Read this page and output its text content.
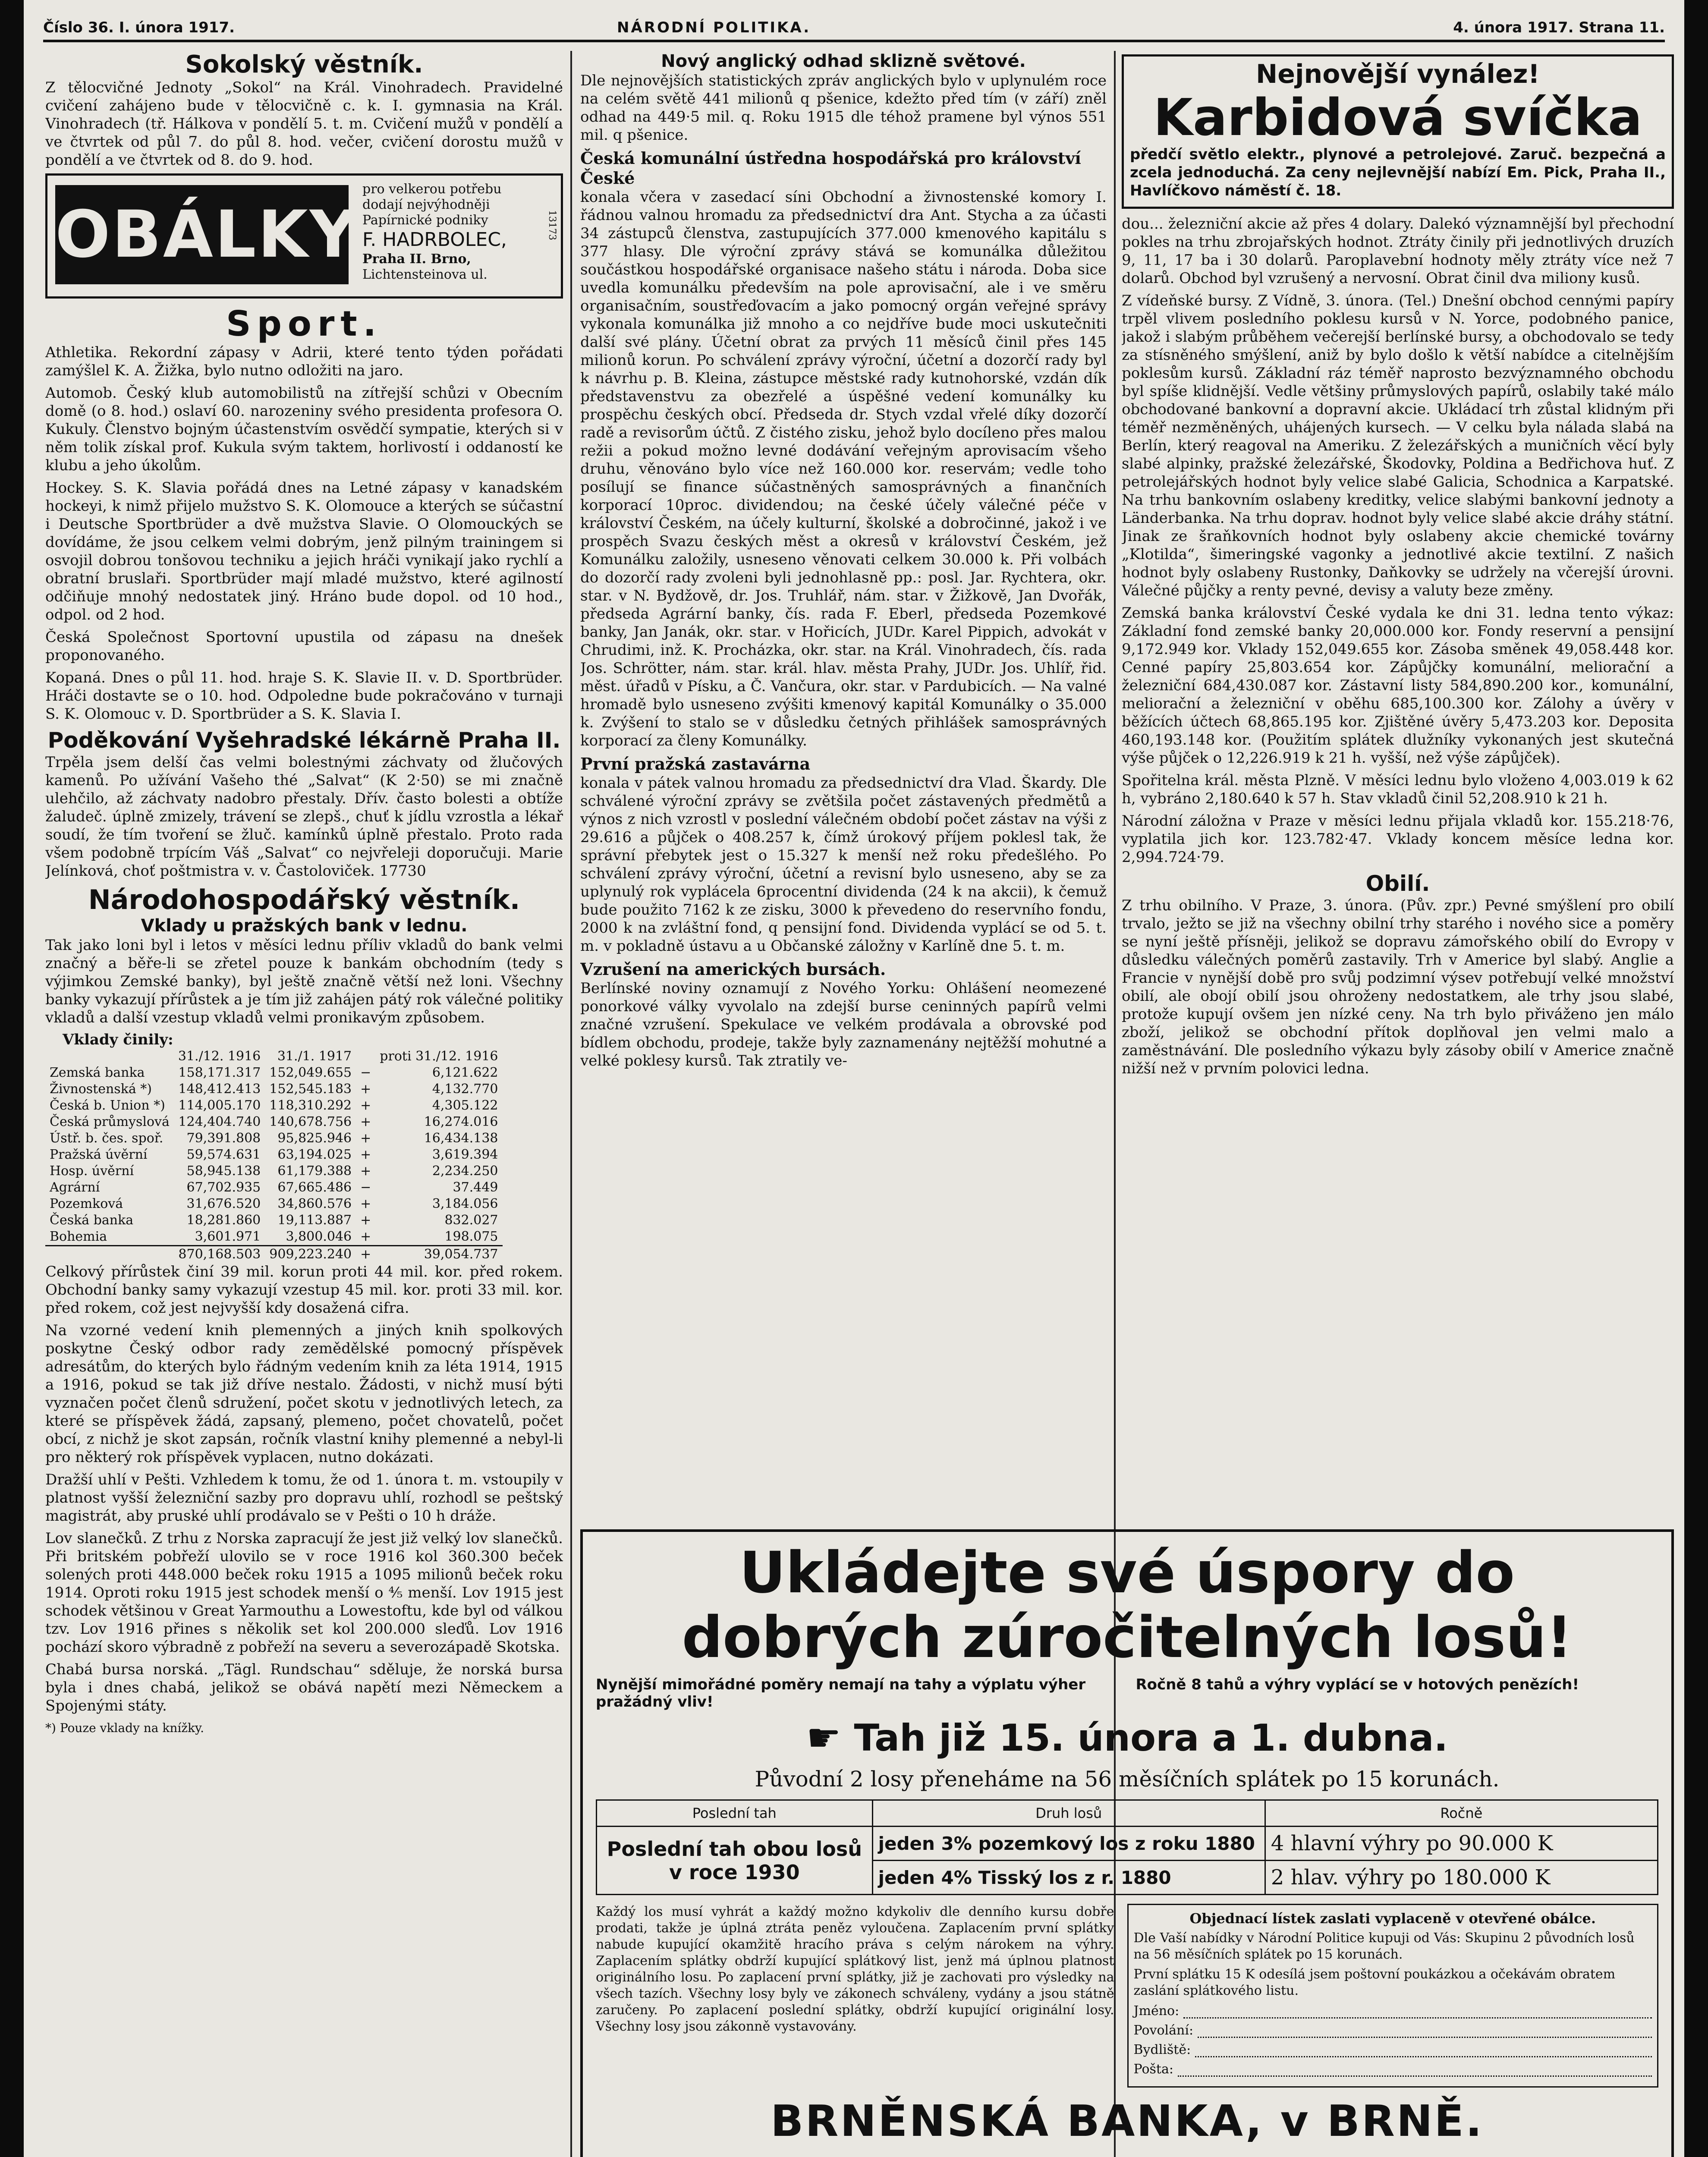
Číslo 36. I. února 1917.	NÁRODNÍ POLITIKA.	4. února 1917. Strana 11.
Sokolský věstník.

Z tělocvičné Jednoty „Sokol“ na Král. Vinohradech. Pravidelné cvičení zahájeno bude v tělocvičně c. k. I. gymnasia na Král. Vinohradech (tř. Hálkova v pondělí 5. t. m. Cvičení mužů v pondělí a ve čtvrtek od půl 7. do půl 8. hod. večer, cvičení dorostu mužů v pondělí a ve čtvrtek od 8. do 9. hod.

OBÁLKY
pro velkerou potřebu
dodají nejvýhodněji
Papírnické podniky
F. HADRBOLEC,
Praha II. Brno,
Lichtensteinova ul.
13173
Sport.

Athletika. Rekordní zápasy v Adrii, které tento týden pořádati zamýšlel K. A. Žižka, bylo nutno odložiti na jaro.

Automob. Český klub automobilistů na zítřejší schůzi v Obecním domě (o 8. hod.) oslaví 60. narozeniny svého presidenta profesora O. Kukuly. Členstvo bojným účastenstvím osvědčí sympatie, kterých si v něm tolik získal prof. Kukula svým taktem, horlivostí i oddaností ke klubu a jeho úkolům.

Hockey. S. K. Slavia pořádá dnes na Letné zápasy v kanadském hockeyi, k nimž přijelo mužstvo S. K. Olomouce a kterých se súčastní i Deutsche Sportbrüder a dvě mužstva Slavie. O Olomouckých se dovídáme, že jsou celkem velmi dobrým, jenž pilným trainingem si osvojil dobrou tonšovou techniku a jejich hráči vynikají jako rychlí a obratní bruslaři. Sportbrüder mají mladé mužstvo, které agilností odčiňuje mnohý nedostatek jiný. Hráno bude dopol. od 10 hod., odpol. od 2 hod.

Česká Společnost Sportovní upustila od zápasu na dnešek proponovaného.

Kopaná. Dnes o půl 11. hod. hraje S. K. Slavie II. v. D. Sportbrüder. Hráči dostavte se o 10. hod. Odpoledne bude pokračováno v turnaji S. K. Olomouc v. D. Sportbrüder a S. K. Slavia I.

Poděkování Vyšehradské lékárně Praha II.

Trpěla jsem delší čas velmi bolestnými záchvaty od žlučových kamenů. Po užívání Vašeho thé „Salvat“ (K 2·50) se mi značně ulehčilo, až záchvaty nadobro přestaly. Dřív. často bolesti a obtíže žaludeč. úplně zmizely, trávení se zlepš., chuť k jídlu vzrostla a lékař soudí, že tím tvoření se žluč. kamínků úplně přestalo. Proto rada všem podobně trpícím Váš „Salvat“ co nejvřeleji doporučuji. Marie Jelínková, choť poštmistra v. v. Častoloviček. 17730

Národohospodářský věstník.
Vklady u pražských bank v lednu.

Tak jako loni byl i letos v měsíci lednu příliv vkladů do bank velmi značný a běře-li se zřetel pouze k bankám obchodním (tedy s výjimkou Zemské banky), byl ještě značně větší než loni. Všechny banky vykazují přírůstek a je tím již zahájen pátý rok válečné politiky vkladů a další vzestup vkladů velmi pronikavým způsobem.

Vklady činily:
	31./12. 1916	31./1. 1917		proti 31./12. 1916
Zemská banka	158,171.317	152,049.655	−	6,121.622
Živnostenská *)	148,412.413	152,545.183	+	4,132.770
Česká b. Union *)	114,005.170	118,310.292	+	4,305.122
Česká průmyslová	124,404.740	140,678.756	+	16,274.016
Ústř. b. čes. spoř.	79,391.808	95,825.946	+	16,434.138
Pražská úvěrní	59,574.631	63,194.025	+	3,619.394
Hosp. úvěrní	58,945.138	61,179.388	+	2,234.250
Agrární	67,702.935	67,665.486	−	37.449
Pozemková	31,676.520	34,860.576	+	3,184.056
Česká banka	18,281.860	19,113.887	+	832.027
Bohemia	3,601.971	3,800.046	+	198.075
	870,168.503	909,223.240	+	39,054.737

Celkový přírůstek činí 39 mil. korun proti 44 mil. kor. před rokem. Obchodní banky samy vykazují vzestup 45 mil. kor. proti 33 mil. kor. před rokem, což jest nejvyšší kdy dosažená cifra.

Na vzorné vedení knih plemenných a jiných knih spolkových poskytne Český odbor rady zemědělské pomocný příspěvek adresátům, do kterých bylo řádným vedením knih za léta 1914, 1915 a 1916, pokud se tak již dříve nestalo. Žádosti, v nichž musí býti vyznačen počet členů sdružení, počet skotu v jednotlivých letech, za které se příspěvek žádá, zapsaný, plemeno, počet chovatelů, počet obcí, z nichž je skot zapsán, ročník vlastní knihy plemenné a nebyl-li pro některý rok příspěvek vyplacen, nutno dokázati.

Dražší uhlí v Pešti. Vzhledem k tomu, že od 1. února t. m. vstoupily v platnost vyšší železniční sazby pro dopravu uhlí, rozhodl se peštský magistrát, aby pruské uhlí prodávalo se v Pešti o 10 h dráže.

Lov slanečků. Z trhu z Norska zapracují že jest již velký lov slanečků. Při britském pobřeží ulovilo se v roce 1916 kol 360.300 beček solených proti 448.000 beček roku 1915 a 1095 milionů beček roku 1914. Oproti roku 1915 jest schodek menší o ⁴⁄₅ menší. Lov 1915 jest schodek většinou v Great Yarmouthu a Lowestoftu, kde byl od válkou tzv. Lov 1916 přines s několik set kol 200.000 sleďů. Lov 1916 pochází skoro výbradně z pobřeží na severu a severozápadě Skotska.

Chabá bursa norská. „Tägl. Rundschau“ sděluje, že norská bursa byla i dnes chabá, jelikož se obává napětí mezi Německem a Spojenými státy.

*) Pouze vklady na knížky.

Nový anglický odhad sklizně světové.

Dle nejnovějších statistických zpráv anglických bylo v uplynulém roce na celém světě 441 milionů q pšenice, kdežto před tím (v září) zněl odhad na 449·5 mil. q. Roku 1915 dle téhož pramene byl výnos 551 mil. q pšenice.

Česká komunální ústředna hospodářská pro království České

konala včera v zasedací síni Obchodní a živnostenské komory I. řádnou valnou hromadu za předsednictví dra Ant. Stycha a za účasti 34 zástupců členstva, zastupujících 377.000 kmenového kapitálu s 377 hlasy. Dle výroční zprávy stává se komunálka důležitou součástkou hospodářské organisace našeho státu i národa. Doba sice uvedla komunálku především na pole aprovisační, ale i ve směru organisačním, soustřeďovacím a jako pomocný orgán veřejné správy vykonala komunálka již mnoho a co nejdříve bude moci uskutečniti další své plány. Účetní obrat za prvých 11 měsíců činil přes 145 milionů korun. Po schválení zprávy výroční, účetní a dozorčí rady byl k návrhu p. B. Kleina, zástupce městské rady kutnohorské, vzdán dík představenstvu za obezřelé a úspěšné vedení komunálky ku prospěchu českých obcí. Předseda dr. Stych vzdal vřelé díky dozorčí radě a revisorům účtů. Z čistého zisku, jehož bylo docíleno přes malou režii a pokud možno levné dodávání veřejným aprovisacím všeho druhu, věnováno bylo více než 160.000 kor. reservám; vedle toho posílují se finance súčastněných samosprávných a finančních korporací 10proc. dividendou; na české účely válečné péče v království Českém, na účely kulturní, školské a dobročinné, jakož i ve prospěch Svazu českých měst a okresů v království Českém, jež Komunálku založily, usneseno věnovati celkem 30.000 k. Při volbách do dozorčí rady zvoleni byli jednohlasně pp.: posl. Jar. Rychtera, okr. star. v N. Bydžově, dr. Jos. Truhlář, nám. star. v Žižkově, Jan Dvořák, předseda Agrární banky, čís. rada F. Eberl, předseda Pozemkové banky, Jan Janák, okr. star. v Hořicích, JUDr. Karel Pippich, advokát v Chrudimi, inž. K. Procházka, okr. star. na Král. Vinohradech, čís. rada Jos. Schrötter, nám. star. král. hlav. města Prahy, JUDr. Jos. Uhlíř, řid. měst. úřadů v Písku, a Č. Vančura, okr. star. v Pardubicích. — Na valné hromadě bylo usneseno zvýšiti kmenový kapitál Komunálky o 35.000 k. Zvýšení to stalo se v důsledku četných přihlášek samosprávných korporací za členy Komunálky.

První pražská zastavárna

konala v pátek valnou hromadu za předsednictví dra Vlad. Škardy. Dle schválené výroční zprávy se zvětšila počet zástavených předmětů a výnos z nich vzrostl v poslední válečném období počet zástav na výši z 29.616 a půjček o 408.257 k, čímž úrokový příjem poklesl tak, že správní přebytek jest o 15.327 k menší než roku předešlého. Po schválení zprávy výroční, účetní a revisní bylo usneseno, aby se za uplynulý rok vyplácela 6procentní dividenda (24 k na akcii), k čemuž bude použito 7162 k ze zisku, 3000 k převedeno do reservního fondu, 2000 k na zvláštní fond, q pensijní fond. Dividenda vyplácí se od 5. t. m. v pokladně ústavu a u Občanské záložny v Karlíně dne 5. t. m.

Vzrušení na amerických bursách.

Berlínské noviny oznamují z Nového Yorku: Ohlášení neomezené ponorkové války vyvolalo na zdejší burse ceninných papírů velmi značné vzrušení. Spekulace ve velkém prodávala a obrovské pod bídlem obchodu, prodeje, takže byly zaznamenány nejtěžší mohutné a velké poklesy kursů. Tak ztratily ve-

Nejnovější vynález!
Karbidová svíčka

předčí světlo elektr., plynové a petrolejové. Zaruč. bezpečná a zcela jednoduchá. Za ceny nejlevnější nabízí Em. Pick, Praha II., Havlíčkovo náměstí č. 18.

dou... železniční akcie až přes 4 dolary. Dalekó významnější byl přechodní pokles na trhu zbrojařských hodnot. Ztráty činily při jednotlivých druzích 9, 11, 17 ba i 30 dolarů. Paroplavební hodnoty měly ztráty více než 7 dolarů. Obchod byl vzrušený a nervosní. Obrat činil dva miliony kusů.

Z vídeňské bursy. Z Vídně, 3. února. (Tel.) Dnešní obchod cennými papíry trpěl vlivem posledního poklesu kursů v N. Yorce, podobného panice, jakož i slabým průběhem večerejší berlínské bursy, a obchodovalo se tedy za stísněného smýšlení, aniž by bylo došlo k větší nabídce a citelnějším poklesům kursů. Základní ráz téměř naprosto bezvýznamného obchodu byl spíše klidnější. Vedle většiny průmyslových papírů, oslabily také málo obchodované bankovní a dopravní akcie. Ukládací trh zůstal klidným při téměř nezměněných, uhájených kursech. — V celku byla nálada slabá na Berlín, který reagoval na Ameriku. Z železářských a muničních věcí byly slabé alpinky, pražské železářské, Škodovky, Poldina a Bedřichova huť. Z petrolejářských hodnot byly velice slabé Galicia, Schodnica a Karpatské. Na trhu bankovním oslabeny kreditky, velice slabými bankovní jednoty a Länderbanka. Na trhu doprav. hodnot byly velice slabé akcie dráhy státní. Jinak ze šraňkovních hodnot byly oslabeny akcie chemické továrny „Klotilda“, šimeringské vagonky a jednotlivé akcie textilní. Z našich hodnot byly oslabeny Rustonky, Daňkovky se udržely na včerejší úrovni. Válečné půjčky a renty pevné, devisy a valuty beze změny.

Zemská banka království České vydala ke dni 31. ledna tento výkaz: Základní fond zemské banky 20,000.000 kor. Fondy reservní a pensijní 9,172.949 kor. Vklady 152,049.655 kor. Zásoba směnek 49,058.448 kor. Cenné papíry 25,803.654 kor. Zápůjčky komunální, meliorační a železniční 684,430.087 kor. Zástavní listy 584,890.200 kor., komunální, meliorační a železniční v oběhu 685,100.300 kor. Zálohy a úvěry v běžících účtech 68,865.195 kor. Zjištěné úvěry 5,473.203 kor. Deposita 460,193.148 kor. (Použitím splátek dlužníky vykonaných jest skutečná výše půjček o 12,226.919 k 21 h. vyšší, než výše zápůjček).

Spořitelna král. města Plzně. V měsíci lednu bylo vloženo 4,003.019 k 62 h, vybráno 2,180.640 k 57 h. Stav vkladů činil 52,208.910 k 21 h.

Národní záložna v Praze v měsíci lednu přijala vkladů kor. 155.218·76, vyplatila jich kor. 123.782·47. Vklady koncem měsíce ledna kor. 2,994.724·79.

Obilí.

Z trhu obilního. V Praze, 3. února. (Pův. zpr.) Pevné smýšlení pro obilí trvalo, ježto se již na všechny obilní trhy starého i nového sice a poměry se nyní ještě přísněji, jelikož se dopravu zámořského obilí do Evropy v důsledku válečných poměrů zastavily. Trh v Americe byl slabý. Anglie a Francie v nynější době pro svůj podzimní výsev potřebují velké množství obilí, ale obojí obilí jsou ohroženy nedostatkem, ale trhy jsou slabé, protože kupují ovšem jen nízké ceny. Na trh bylo přiváženo jen málo zboží, jelikož se obchodní přítok doplňoval jen velmi malo a zaměstnávání. Dle posledního výkazu byly zásoby obilí v Americe značně nižší než v prvním polovici ledna.

Ukládejte své úspory do
dobrých zúročitelných losů!
Nynější mimořádné poměry nemají na tahy a výplatu výher pražádný vliv!
Ročně 8 tahů a výhry vyplácí se v hotových penězích!
☛ Tah již 15. února a 1. dubna.
Původní 2 losy přeneháme na 56 měsíčních splátek po 15 korunách.
Poslední tah	Druh losů	Ročně
Poslední tah obou losů v roce 1930	jeden 3% pozemkový los z roku 1880	4 hlavní výhry po 90.000 K
	jeden 4% Tisský los z r. 1880	2 hlav. výhry po 180.000 K
Každý los musí vyhrát a každý možno kdykoliv dle denního kursu dobře prodati, takže je úplná ztráta peněz vyloučena. Zaplacením první splátky nabude kupující okamžitě hracího práva s celým nárokem na výhry. Zaplacením splátky obdrží kupující splátkový list, jenž má úplnou platnost originálního losu. Po zaplacení první splátky, již je zachovati pro výsledky na všech tazích. Všechny losy byly ve zákonech schváleny, vydány a jsou státně zaručeny. Po zaplacení poslední splátky, obdrží kupující originální losy. Všechny losy jsou zákonně vystavovány.
Objednací lístek zaslati vyplaceně v otevřené obálce.
Dle Vaší nabídky v Národní Politice kupuji od Vás: Skupinu 2 původních losů na 56 měsíčních splátek po 15 korunách.
První splátku 15 K odesílá jsem poštovní poukázkou a očekávám obratem zaslání splátkového listu.
Jméno:
Povolání:
Bydliště:
Pošta:
BRNĚNSKÁ BANKA, v BRNĚ.
